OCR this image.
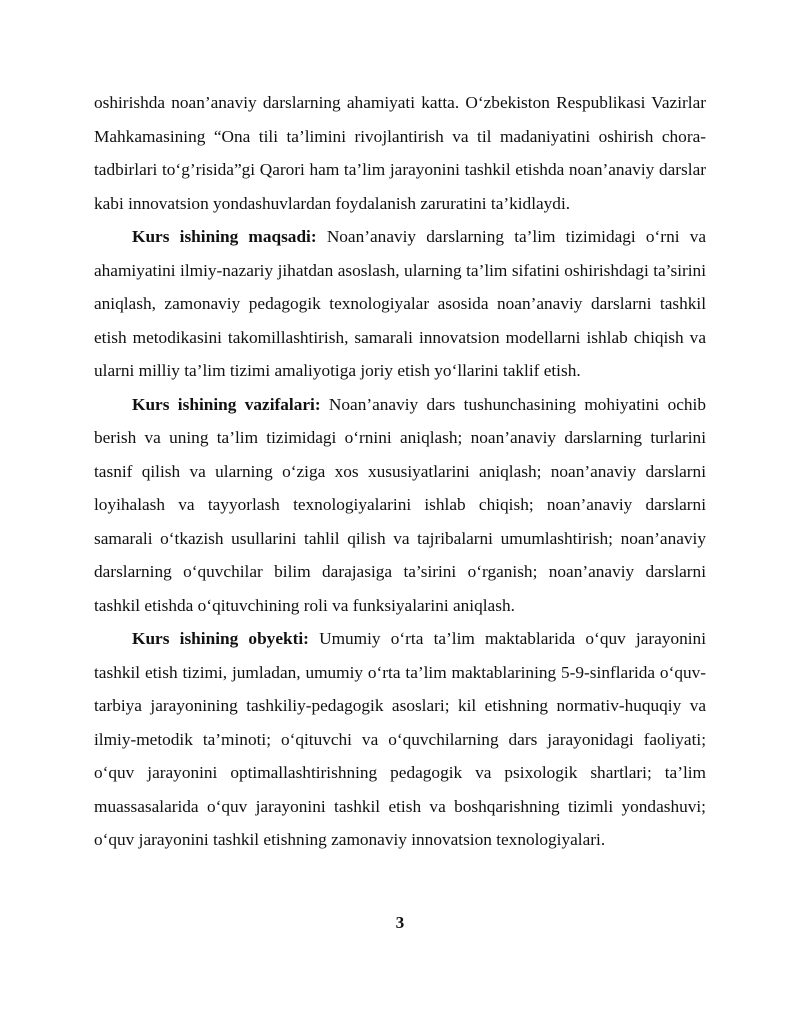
oshirishda noan’anaviy darslarning ahamiyati katta. O‘zbekiston Respublikasi Vazirlar Mahkamasining “Ona tili ta’limini rivojlantirish va til madaniyatini oshirish chora-tadbirlari to‘g’risida”gi Qarori ham ta’lim jarayonini tashkil etishda noan’anaviy darslar kabi innovatsion yondashuvlardan foydalanish zaruratini ta’kidlaydi.

Kurs ishining maqsadi: Noan’anaviy darslarning ta’lim tizimidagi o‘rni va ahamiyatini ilmiy-nazariy jihatdan asoslash, ularning ta’lim sifatini oshirishdagi ta’sirini aniqlash, zamonaviy pedagogik texnologiyalar asosida noan’anaviy darslarni tashkil etish metodikasini takomillashtirish, samarali innovatsion modellarni ishlab chiqish va ularni milliy ta’lim tizimi amaliyotiga joriy etish yo‘llarini taklif etish.

Kurs ishining vazifalari: Noan’anaviy dars tushunchasining mohiyatini ochib berish va uning ta’lim tizimidagi o‘rnini aniqlash; noan’anaviy darslarning turlarini tasnif qilish va ularning o‘ziga xos xususiyatlarini aniqlash; noan’anaviy darslarni loyihalash va tayyorlash texnologiyalarini ishlab chiqish; noan’anaviy darslarni samarali o‘tkazish usullarini tahlil qilish va tajribalarni umumlashtirish; noan’anaviy darslarning o‘quvchilar bilim darajasiga ta’sirini o‘rganish; noan’anaviy darslarni tashkil etishda o‘qituvchining roli va funksiyalarini aniqlash.

Kurs ishining obyekti: Umumiy o‘rta ta’lim maktablarida o‘quv jarayonini tashkil etish tizimi, jumladan, umumiy o‘rta ta’lim maktablarining 5-9-sinflarida o‘quv-tarbiya jarayonining tashkiliy-pedagogik asoslari; kil etishning normativ-huquqiy va ilmiy-metodik ta’minoti; o‘qituvchi va o‘quvchilarning dars jarayonidagi faoliyati; o‘quv jarayonini optimallashtirishning pedagogik va psixologik shartlari; ta’lim muassasalarida o‘quv jarayonini tashkil etish va boshqarishning tizimli yondashuvi; o‘quv jarayonini tashkil etishning zamonaviy innovatsion texnologiyalari.

3
